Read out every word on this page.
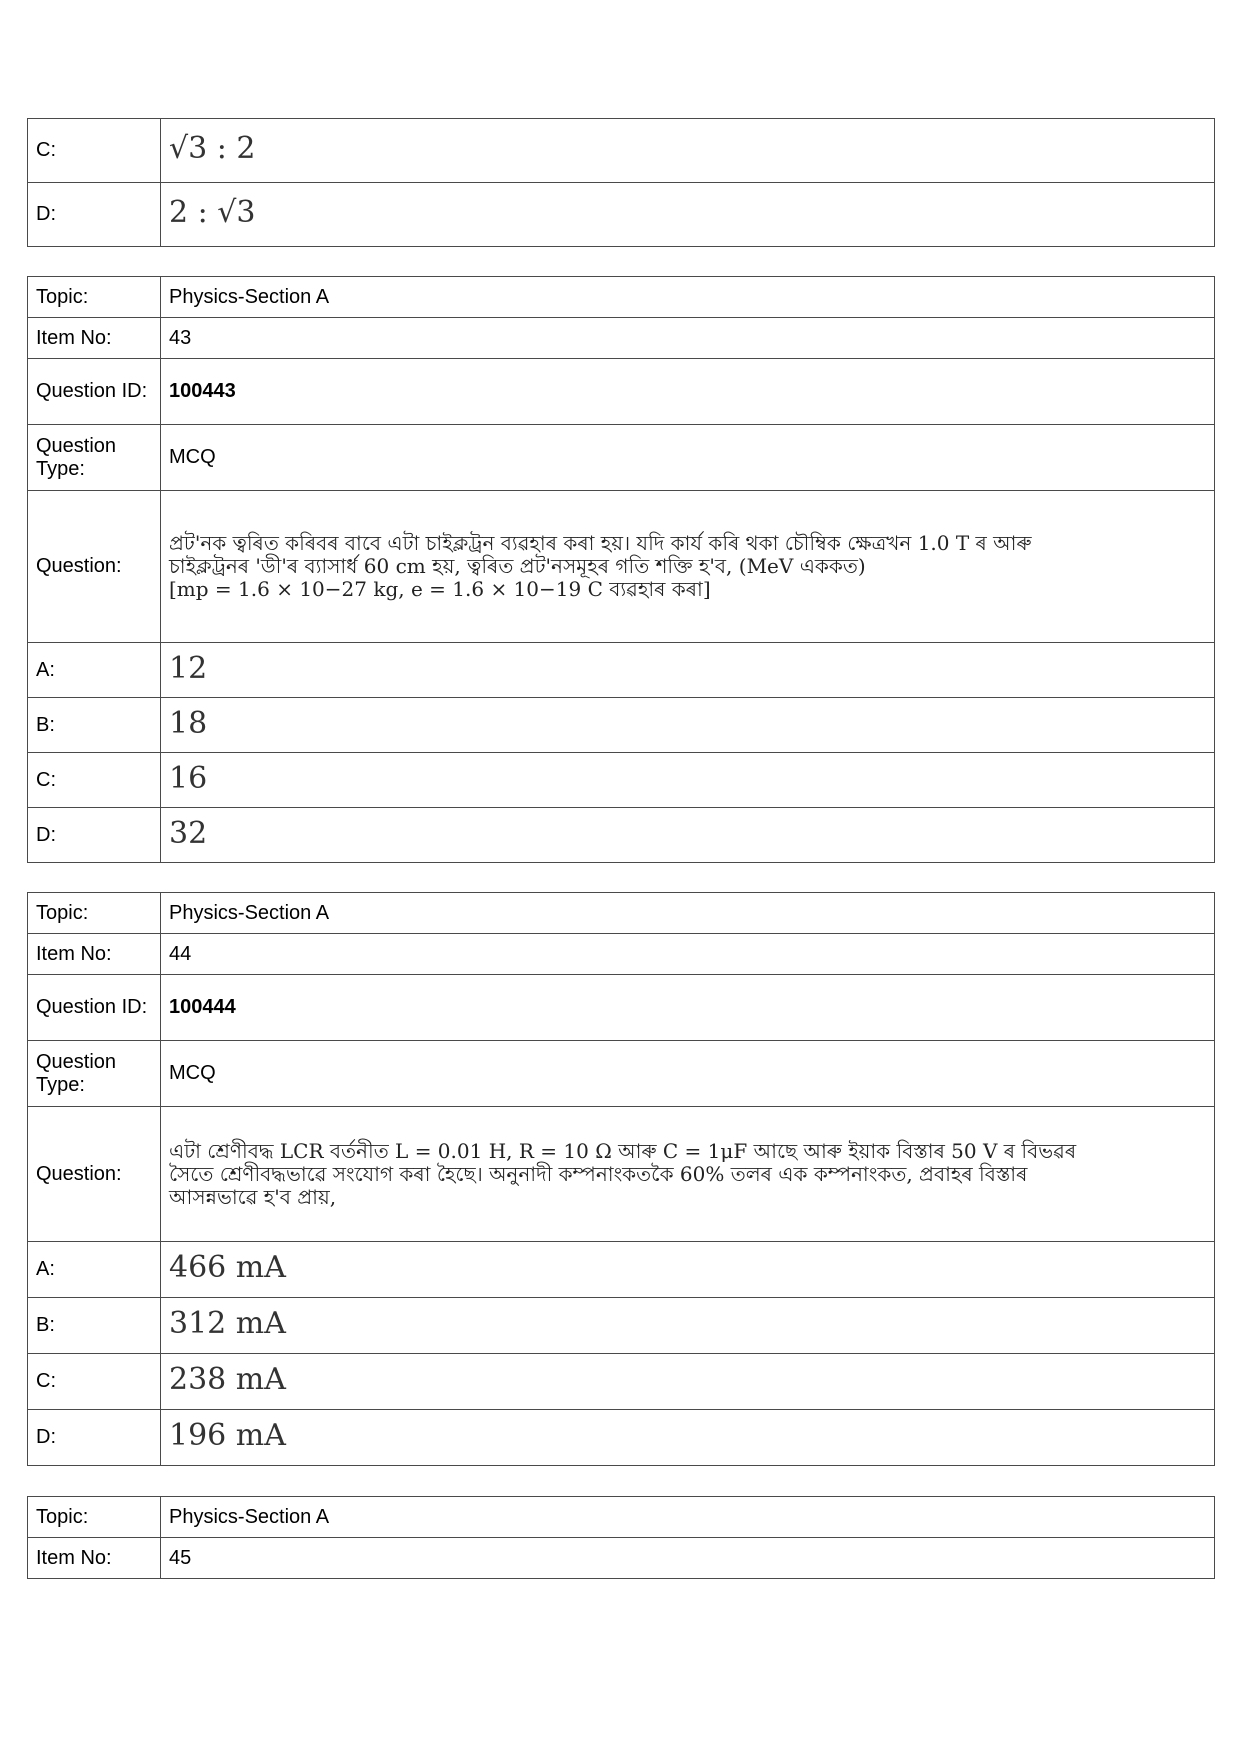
C:	√3 : 2
D:	2 : √3
Topic:	Physics-Section A
Item No:	43
Question ID:	100443
Question Type:	MCQ
Question:	প্ৰট'নক ত্বৰিত কৰিবৰ বাবে এটা চাইক্লট্ৰন ব্যৱহাৰ কৰা হয়। যদি কাৰ্য কৰি থকা চৌম্বিক ক্ষেত্ৰখন 1.0 T ৰ আৰু
চাইক্লট্ৰনৰ 'ডী'ৰ ব্যাসাৰ্ধ 60 cm হয়, ত্বৰিত প্ৰট'নসমূহৰ গতি শক্তি হ'ব, (MeV এককত)
[mp = 1.6 × 10−27 kg, e = 1.6 × 10−19 C ব্যৱহাৰ কৰা]

A:	12
B:	18
C:	16
D:	32
Topic:	Physics-Section A
Item No:	44
Question ID:	100444
Question Type:	MCQ
Question:	এটা শ্ৰেণীবদ্ধ LCR বৰ্তনীত L = 0.01 H, R = 10 Ω আৰু C = 1μF আছে আৰু ইয়াক বিস্তাৰ 50 V ৰ বিভৱৰ
সৈতে শ্ৰেণীবদ্ধভাৱে সংযোগ কৰা হৈছে। অনুনাদী কম্পনাংকতকৈ 60% তলৰ এক কম্পনাংকত, প্ৰবাহৰ বিস্তাৰ
আসন্নভাৱে হ'ব প্ৰায়,

A:	466 mA
B:	312 mA
C:	238 mA
D:	196 mA
Topic:	Physics-Section A
Item No:	45
